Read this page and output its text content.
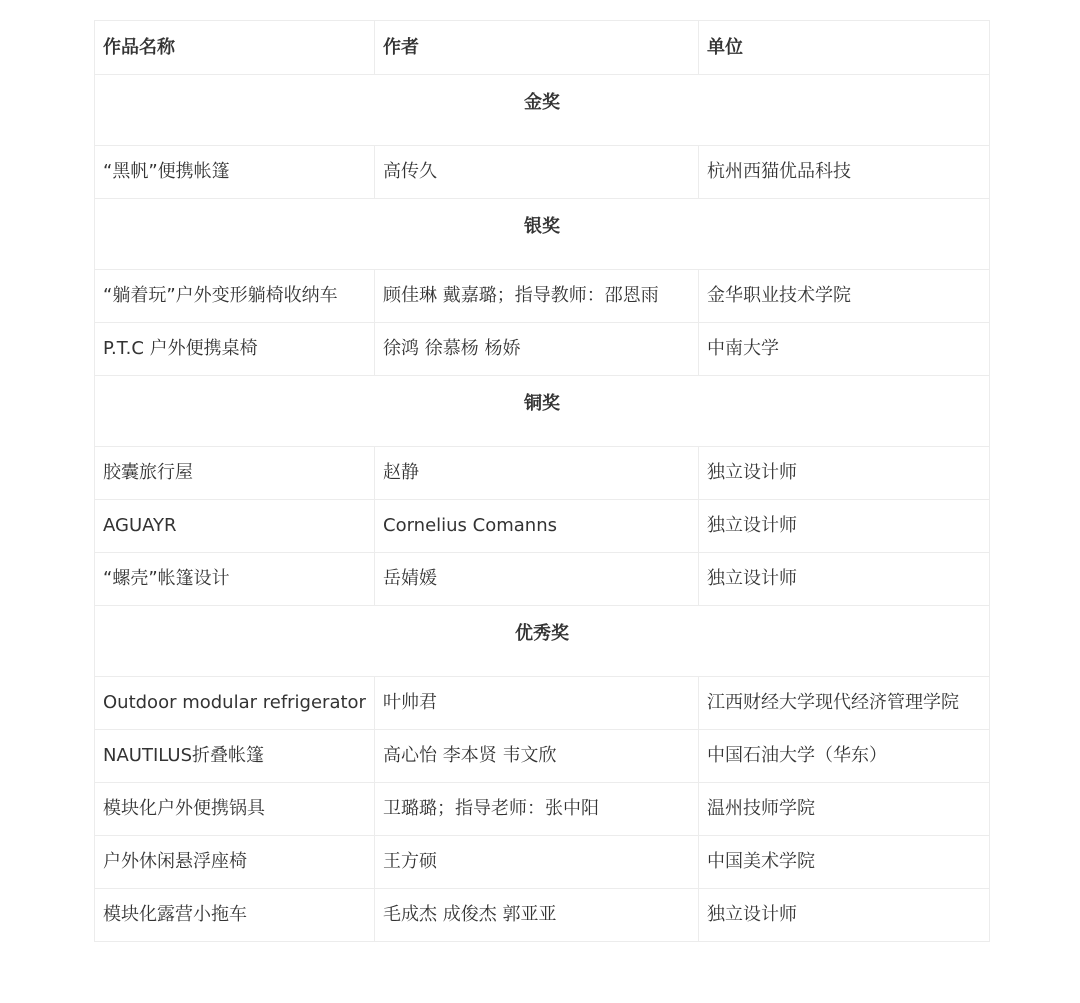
作品名称	作者	单位
金奖		
“黑帆”便携帐篷	高传久	杭州西猫优品科技
银奖		
“躺着玩”户外变形躺椅收纳车	顾佳琳 戴嘉璐；指导教师：邵恩雨	金华职业技术学院
P.T.C 户外便携桌椅	徐鸿 徐慕杨 杨娇	中南大学
铜奖		
胶囊旅行屋	赵静	独立设计师
AGUAYR	Cornelius Comanns	独立设计师
“螺壳”帐篷设计	岳婧媛	独立设计师
优秀奖		
Outdoor modular refrigerator	叶帅君	江西财经大学现代经济管理学院
NAUTILUS折叠帐篷	高心怡 李本贤 韦文欣	中国石油大学（华东）
模块化户外便携锅具	卫璐璐；指导老师：张中阳	温州技师学院
户外休闲悬浮座椅	王方硕	中国美术学院
模块化露营小拖车	毛成杰 成俊杰 郭亚亚	独立设计师
